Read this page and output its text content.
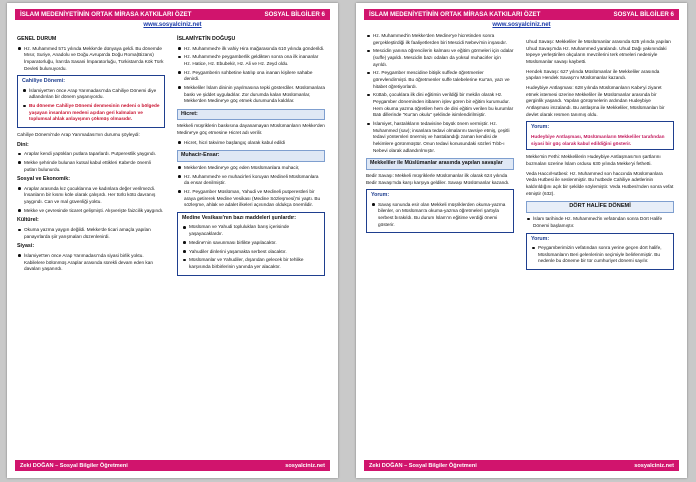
İSLAM MEDENİYETİNİN ORTAK MİRASA KATKILARI ÖZET	SOSYAL BİLGİLER 6
www.sosyalciniz.net
GENEL DURUM
Hz. Muhammed 571 yılında Mekke'de dünyaya geldi. Bu dönemde Mısır, Suriye, Anadolu ve Doğu Avrupa'da Doğu Roma(Bizans) İmparatorluğu, İran'da Sasani İmparatorluğu, Türkistan'da Kök Türk Devleti bulunuyordu.
Cahiliye Dönemi:
İslamiyet'ten önce Arap Yarımadası'nda Cahiliye Dönemi diye adlandırılan bir dönem yaşanıyordu.
Bu döneme Cahiliye Dönemi denmesinin nedeni o bölgede yaşayan insanların medeni açıdan geri kalmaları ve toplumsal ahlak anlayışının çökmüş olmasıdır.
Cahiliye Dönemi'nde Arap Yarımadası'nın durumu şöyleydi:
Dini:
Araplar kendi yaptıkları putlara taparlardı. Putperestlik yaygındı.
Mekke şehrinde bulunan kutsal kabul ettikleri Kabe'de önemli putları bulunurdu.
Sosyal ve Ekonomik:
Araplar arasında kız çocuklarına ve kadınlara değer verilmezdi. İnsanların bir kısmı köle olarak çalışırdı. Her türlü kötü davranış yaygındı. Can ve mal güvenliği yoktu.
Mekke ve çevresinde ticaret gelişmişti. Alışverişte faizcilik yaygındı.
Kültürel:
Okuma yazma yaygın değildi. Mekke'de ticari amaçla yapılan panayırlarda şiir yarışmaları düzenlenirdi.
Siyasi:
İslamiyet'ten önce Arap Yarımadası'nda siyasi birlik yoktu. Kabilelere bölünmüş Araplar arasında sürekli devam eden kan davaları yaşanırdı.
İSLAMİYETİN DOĞUŞU
Hz. Muhammed'e ilk vahiy Hira mağarasında 610 yılında gönderildi.
Hz. Muhammed'e peygamberlik geldikten sonra ona ilk inananlar Hz. Hatice, Hz. Ebubekir, Hz. Ali ve Hz. Zeyd oldu.
Hz. Peygamberin sohbetine katılıp ona inanan kişilere sahabe denirdi.
Mekkeliler İslam dininin yayılmasına tepki gösterdiler. Müslümanlara baskı ve şiddet uyguladılar. Zor durumda kalan Müslümanlar, Mekke'den Medine'ye göç etmek durumunda kaldılar.
Hicret:
Mekkeli müşriklerin baskısına dayanamayan Müslümanların Mekke'den Medine'ye göç etmesine Hicret adı verilir.
Hicret, hicri takvime başlangıç olarak kabul edildi
Muhacir-Ensar:
Mekke'den Medine'ye göç eden Müslümanlara muhacir,
Hz. Muhammed'e ve muhacirleri koruyan Medineli Müslümanlara da ensar denilmiştir.
Hz. Peygamber Müslüman, Yahudi ve Medineli putperestleri bir araya getirerek Medine Vesikası (Medine Sözleşmesi)'ni yaptı. Bu sözleşme, ahlak ve adalet ilkeleri açısından oldukça önemlidir.
Medine Vesikası'nın bazı maddeleri şunlardır:
Müslüman ve Yahudi toplulukları barış içerisinde yaşayacaklardır.
Medine'nin savunması birlikte yapılacaktır.
Yahudiler dinlerini yaşamakta serbest olacaktır.
Müslümanlar ve Yahudiler, dışarıdan gelecek bir tehlike karşısında birbirlerinin yanında yer alacaktır.
Zeki DOĞAN – Sosyal Bilgiler Öğretmeni	sosyalciniz.net
İSLAM MEDENİYETİNİN ORTAK MİRASA KATKILARI ÖZET	SOSYAL BİLGİLER 6
www.sosyalciniz.net
Hz. Muhammed'in Mekke'den Medine'ye hicretinden sonra gerçekleştirdiği ilk faaliyetlerden biri Mescidi Nebevi'nin inşasıdır.
Mescidin yanına öğrencilerin kalması ve eğitim görmeleri için odalar (suffe) yapıldı. Mescidin bazı odaları da yoksul muhacirler için ayrıldı.
Hz. Peygamber mescidine bitişik suffede öğretmenler görevlendirmişti. Bu öğretmenler suffe talebelerine Kur'an, yazı ve hitabet öğretiyorlardı.
Küttab, çocuklara ilk dini eğitimin verildiği bir mekân olarak Hz. Peygamber döneminden itibaren işlev gören bir eğitim kurumudur. Hem okuma yazma öğretilen hem de dini eğitim verilen bu kurumlar Batı dillerinde "Kur'an okulu" şeklinde isimlendirilmiştir.
İslamiyet, hastalıkların tedavisine büyük önem vermiştir. Hz. Muhammed (sav); insanlara tedavi olmalarını tavsiye etmiş, çeşitli tedavi yöntemleri önermiş ve hastalandığı zaman kendisi de hekimlere görünmüştür. Onun tedavi konusundaki sözleri Tıbb-ı Nebevi olarak adlandırılmıştır.
Mekkeliler ile Müslümanlar arasında yapılan savaşlar
Bedir Savaşı: Mekkeli müşriklerle Müslümanlar ilk olarak 624 yılında Bedir Savaşı'nda karşı karşıya geldiler. Savaşı Müslümanlar kazandı.
Yorum:
Savaş sonunda esir olan Mekkeli müşriklerden okuma-yazma bilenler, on Müslüman'a okuma-yazma öğretmeleri şartıyla serbest bırakıldı. Bu durum İslam'ın eğitime verdiği önemi gösterir.
Uhud Savaşı: Mekkeliler ile Müslümanlar arasında 625 yılında yapılan Uhud Savaşı'nda Hz. Muhammed yaralandı. Uhud Dağı yakınındaki tepeye yerleştirilen okçuların mevzilerini terk etmeleri nedeniyle Müslümanlar savaşı kaybetti.
Hendek Savaşı: 627 yılında Müslümanlar ile Mekkeliler arasında yapılan Hendek Savaşı'nı Müslümanlar kazandı.
Hudeybiye Antlaşması: 628 yılında Müslümanların Kabe'yi ziyaret etmek istemesi üzerine Mekkeliler ile Müslümanlar arasında bir gerginlik yaşandı. Yapılan görüşmelerin ardından Hudeybiye Antlaşması imzalandı. Bu antlaşma ile Mekkeliler, Müslümanları bir devlet olarak resmen tanımış oldu.
Yorum:
Hudeybiye Antlaşması, Müslümanların Mekkeliler tarafından siyasi bir güç olarak kabul edildiğini gösterir.
Mekke'nin Fethi: Mekkelilerin Hudeybiye Antlaşması'nın şartlarını bozmaları üzerine İslam ordusu 630 yılında Mekke'yi fethetti.
Veda Haccı/Hutbesi: Hz. Muhammed son haccında Müslümanlara Veda Hutbesi ile seslenmiştir. Bu hutbede Cahiliye adetlerinin kaldırıldığını açık bir şekilde söylemiştir. Veda Hutbesi'nden sonra vefat etmiştir (632).
DÖRT HALİFE DÖNEMİ
İslam tarihinde Hz. Muhammed'in vefatından sonra Dört Halife Dönemi başlamıştır.
Yorum:
Peygamberimizin vefatından sonra yerine geçen dört halife, Müslümanların Beri gelenlerinin seçimiyle belirlenmiştir. Bu nedenle bu döneme bir tür cumhuriyet dönemi sayılır.
Zeki DOĞAN – Sosyal Bilgiler Öğretmeni	sosyalciniz.net
